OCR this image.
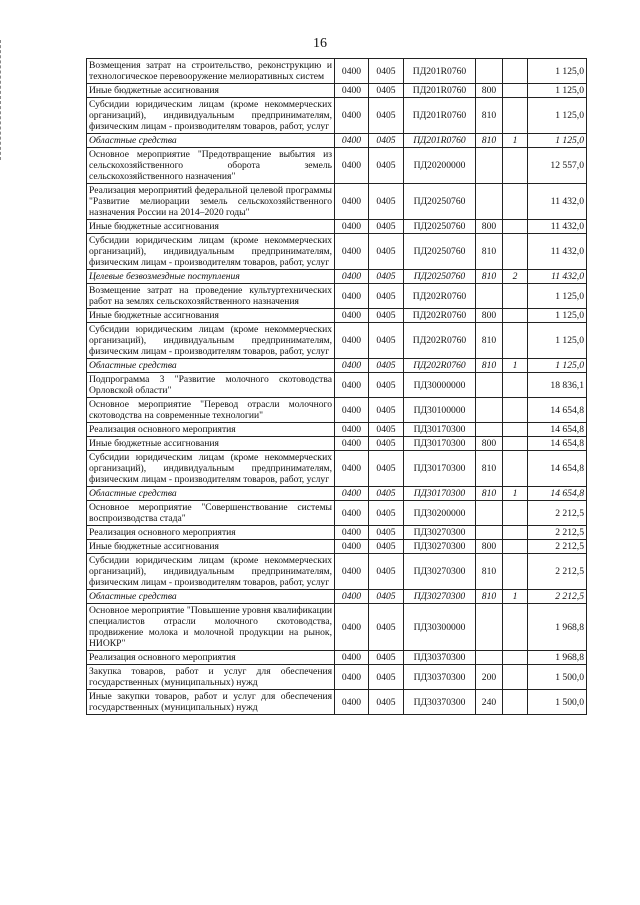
16
Возмещения затрат на строительство, реконструкцию и технологическое перевооружение мелиоративных систем	0400	0405	ПД201R0760			1 125,0
Иные бюджетные ассигнования	0400	0405	ПД201R0760	800		1 125,0
Субсидии юридическим лицам (кроме некоммерческих организаций), индивидуальным предпринимателям, физическим лицам - производителям товаров, работ, услуг	0400	0405	ПД201R0760	810		1 125,0
Областные средства	0400	0405	ПД201R0760	810	1	1 125,0
Основное мероприятие "Предотвращение выбытия из сельскохозяйственного оборота земель сельскохозяйственного назначения"	0400	0405	ПД20200000			12 557,0
Реализация мероприятий федеральной целевой программы "Развитие мелиорации земель сельскохозяйственного назначения России на 2014–2020 годы"	0400	0405	ПД20250760			11 432,0
Иные бюджетные ассигнования	0400	0405	ПД20250760	800		11 432,0
Субсидии юридическим лицам (кроме некоммерческих организаций), индивидуальным предпринимателям, физическим лицам - производителям товаров, работ, услуг	0400	0405	ПД20250760	810		11 432,0
Целевые безвозмездные поступления	0400	0405	ПД20250760	810	2	11 432,0
Возмещение затрат на проведение культуртехнических работ на землях сельскохозяйственного назначения	0400	0405	ПД202R0760			1 125,0
Иные бюджетные ассигнования	0400	0405	ПД202R0760	800		1 125,0
Субсидии юридическим лицам (кроме некоммерческих организаций), индивидуальным предпринимателям, физическим лицам - производителям товаров, работ, услуг	0400	0405	ПД202R0760	810		1 125,0
Областные средства	0400	0405	ПД202R0760	810	1	1 125,0
Подпрограмма 3 "Развитие молочного скотоводства Орловской области"	0400	0405	ПД30000000			18 836,1
Основное мероприятие "Перевод отрасли молочного скотоводства на современные технологии"	0400	0405	ПД30100000			14 654,8
Реализация основного мероприятия	0400	0405	ПД30170300			14 654,8
Иные бюджетные ассигнования	0400	0405	ПД30170300	800		14 654,8
Субсидии юридическим лицам (кроме некоммерческих организаций), индивидуальным предпринимателям, физическим лицам - производителям товаров, работ, услуг	0400	0405	ПД30170300	810		14 654,8
Областные средства	0400	0405	ПД30170300	810	1	14 654,8
Основное мероприятие "Совершенствование системы воспроизводства стада"	0400	0405	ПД30200000			2 212,5
Реализация основного мероприятия	0400	0405	ПД30270300			2 212,5
Иные бюджетные ассигнования	0400	0405	ПД30270300	800		2 212,5
Субсидии юридическим лицам (кроме некоммерческих организаций), индивидуальным предпринимателям, физическим лицам - производителям товаров, работ, услуг	0400	0405	ПД30270300	810		2 212,5
Областные средства	0400	0405	ПД30270300	810	1	2 212,5
Основное мероприятие "Повышение уровня квалификации специалистов отрасли молочного скотоводства, продвижение молока и молочной продукции на рынок, НИОКР"	0400	0405	ПД30300000			1 968,8
Реализация основного мероприятия	0400	0405	ПД30370300			1 968,8
Закупка товаров, работ и услуг для обеспечения государственных (муниципальных) нужд	0400	0405	ПД30370300	200		1 500,0
Иные закупки товаров, работ и услуг для обеспечения государственных (муниципальных) нужд	0400	0405	ПД30370300	240		1 500,0
